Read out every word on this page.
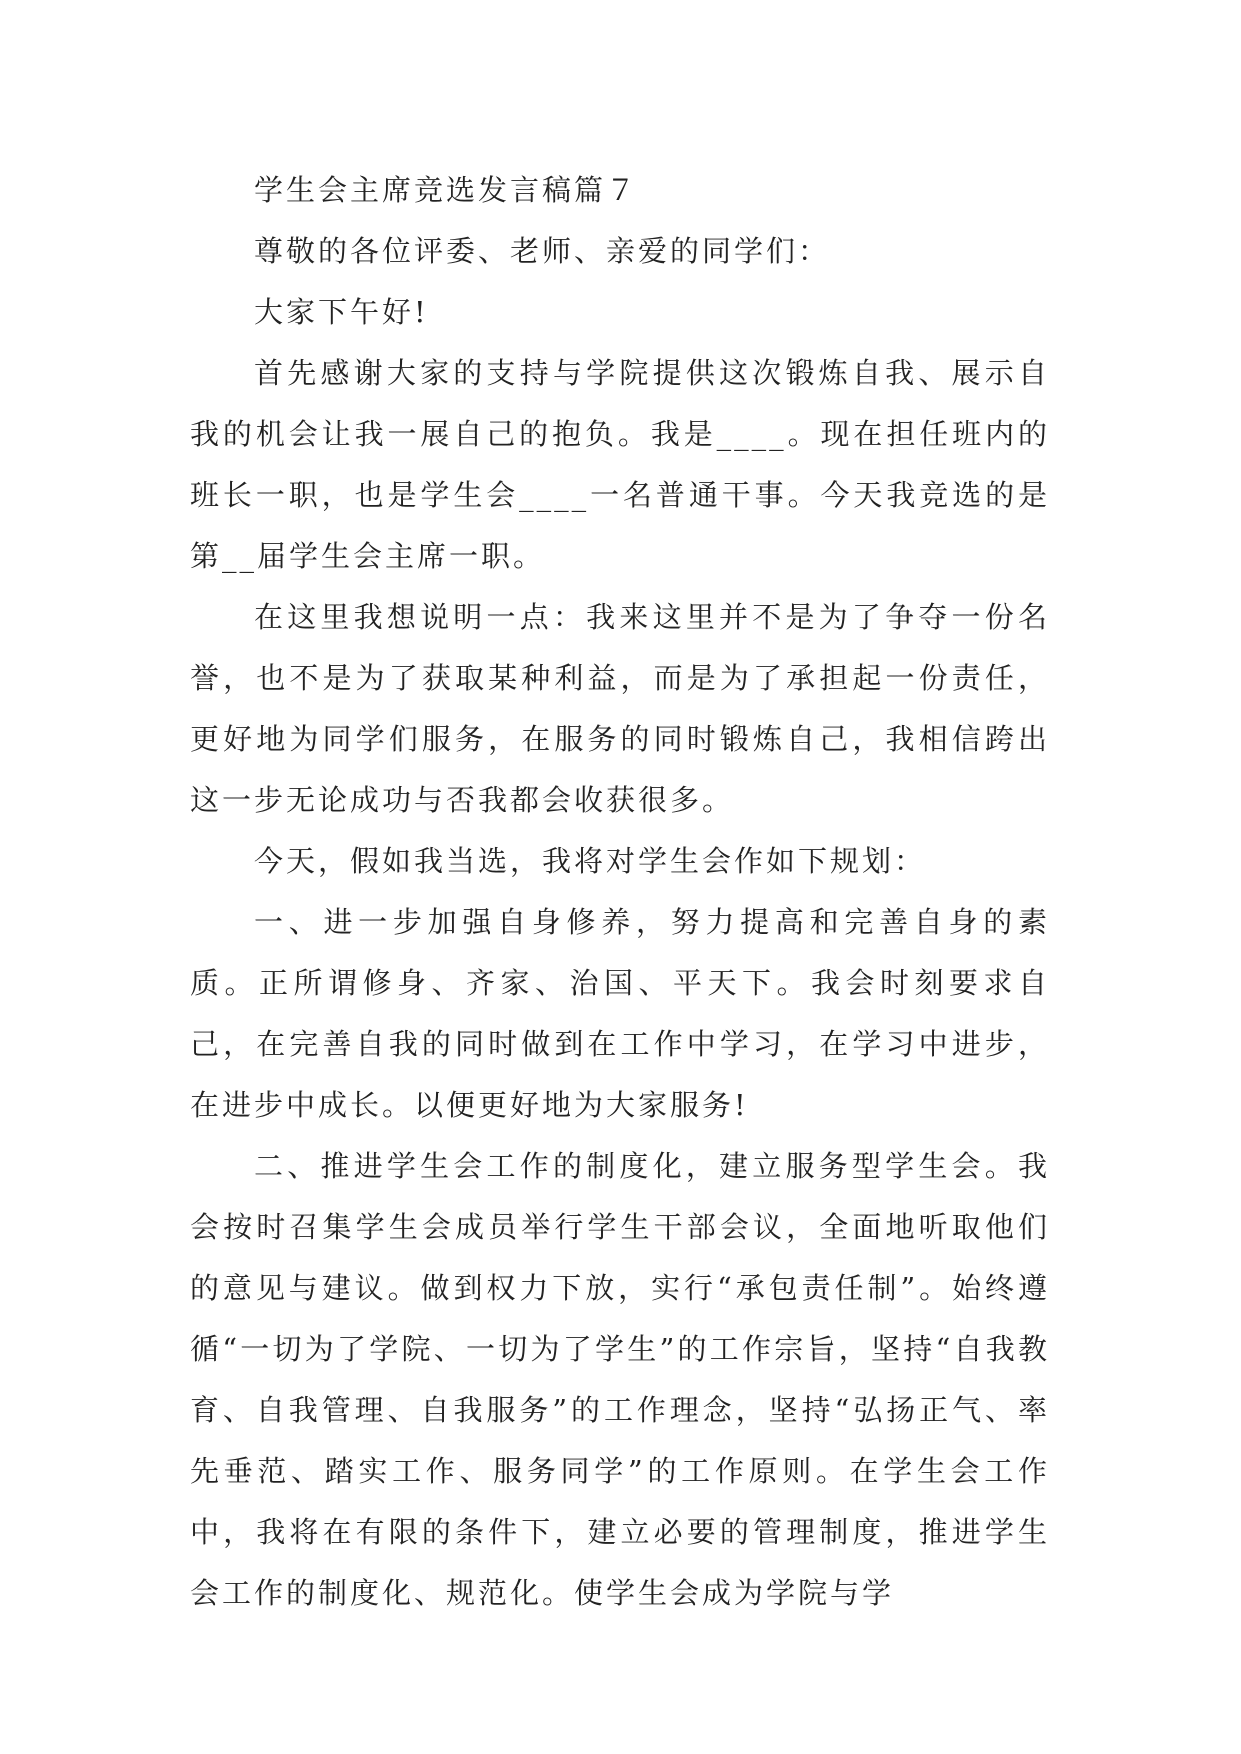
学生会主席竞选发言稿篇７

尊敬的各位评委、老师、亲爱的同学们：

大家下午好!

首先感谢大家的支持与学院提供这次锻炼自我、展示自我的机会让我一展自己的抱负。我是____。现在担任班内的班长一职，也是学生会____一名普通干事。今天我竞选的是第__届学生会主席一职。

在这里我想说明一点：我来这里并不是为了争夺一份名誉，也不是为了获取某种利益，而是为了承担起一份责任，更好地为同学们服务，在服务的同时锻炼自己，我相信跨出这一步无论成功与否我都会收获很多。

今天，假如我当选，我将对学生会作如下规划：

一、进一步加强自身修养，努力提高和完善自身的素质。正所谓修身、齐家、治国、平天下。我会时刻要求自己，在完善自我的同时做到在工作中学习，在学习中进步，在进步中成长。以便更好地为大家服务!

二、推进学生会工作的制度化，建立服务型学生会。我会按时召集学生会成员举行学生干部会议，全面地听取他们的意见与建议。做到权力下放，实行“承包责任制”。始终遵循“一切为了学院、一切为了学生”的工作宗旨，坚持“自我教育、自我管理、自我服务”的工作理念，坚持“弘扬正气、率先垂范、踏实工作、服务同学”的工作原则。在学生会工作中，我将在有限的条件下，建立必要的管理制度，推进学生会工作的制度化、规范化。使学生会成为学院与学
